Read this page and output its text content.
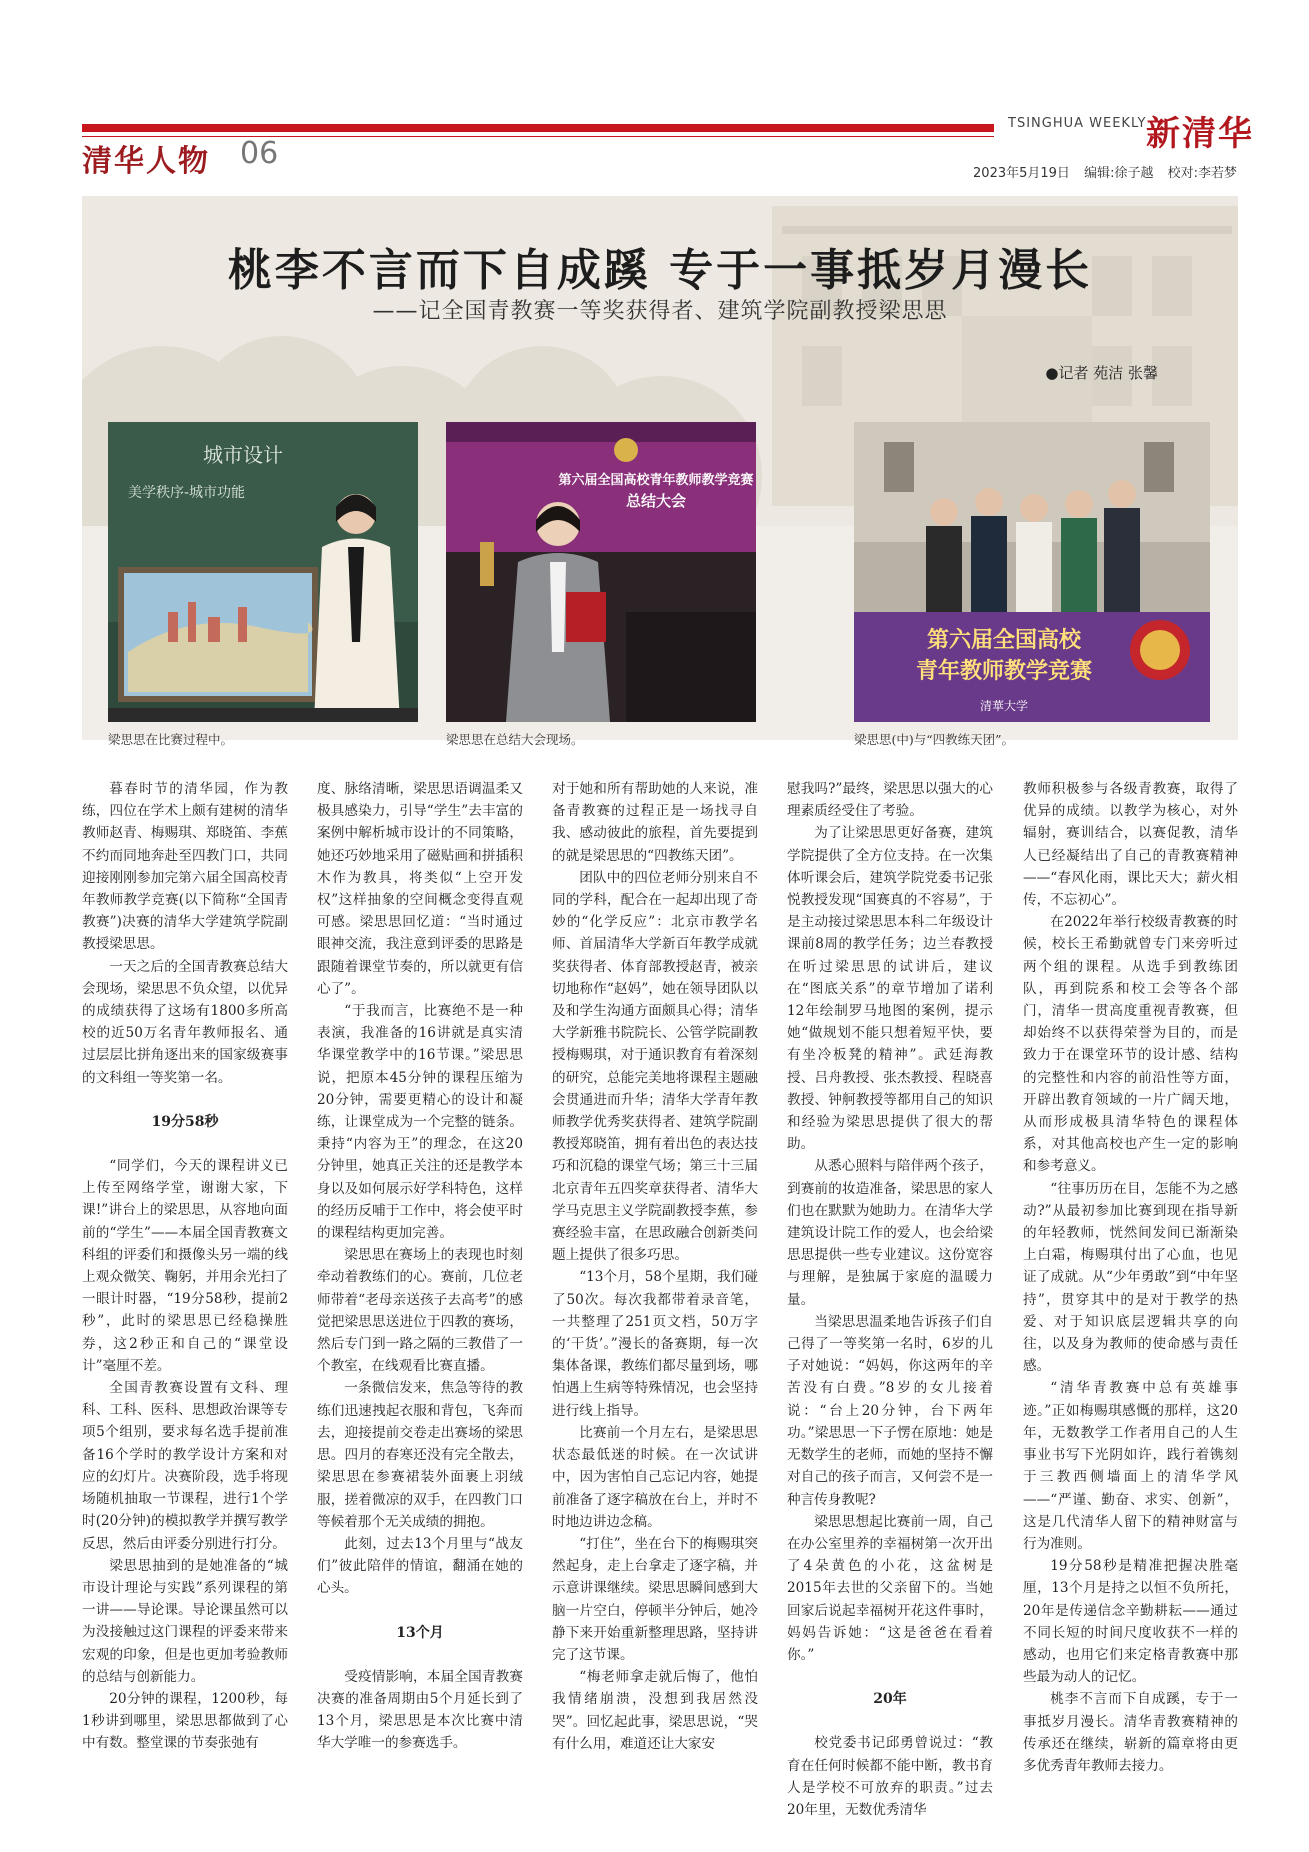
TSINGHUA WEEKLY 新清华
清华人物 06
2023年5月19日 编辑:徐子越 校对:李若梦
桃李不言而下自成蹊 专于一事抵岁月漫长
——记全国青教赛一等奖获得者、建筑学院副教授梁思思
●记者 苑洁 张馨
城市设计
美学秩序-城市功能
第六届全国高校青年教师教学竞赛
总结大会
第六届全国高校
青年教师教学竞赛
清華大学
梁思思在比赛过程中。	梁思思在总结大会现场。	梁思思(中)与“四教练天团”。

暮春时节的清华园，作为教练，四位在学术上颇有建树的清华教师赵青、梅赐琪、郑晓笛、李蕉不约而同地奔赴至四教门口，共同迎接刚刚参加完第六届全国高校青年教师教学竞赛(以下简称“全国青教赛”)决赛的清华大学建筑学院副教授梁思思。

一天之后的全国青教赛总结大会现场，梁思思不负众望，以优异的成绩获得了这场有1800多所高校的近50万名青年教师报名、通过层层比拼角逐出来的国家级赛事的文科组一等奖第一名。

19分58秒

“同学们，今天的课程讲义已上传至网络学堂，谢谢大家，下课!”讲台上的梁思思，从容地向面前的“学生”——本届全国青教赛文科组的评委们和摄像头另一端的线上观众微笑、鞠躬，并用余光扫了一眼计时器，“19分58秒，提前2秒”，此时的梁思思已经稳操胜券，这2秒正和自己的“课堂设计”毫厘不差。

全国青教赛设置有文科、理科、工科、医科、思想政治课等专项5个组别，要求每名选手提前准备16个学时的教学设计方案和对应的幻灯片。决赛阶段，选手将现场随机抽取一节课程，进行1个学时(20分钟)的模拟教学并撰写教学反思，然后由评委分别进行打分。

梁思思抽到的是她准备的“城市设计理论与实践”系列课程的第一讲——导论课。导论课虽然可以为没接触过这门课程的评委来带来宏观的印象，但是也更加考验教师的总结与创新能力。

20分钟的课程，1200秒，每1秒讲到哪里，梁思思都做到了心中有数。整堂课的节奏张弛有

度、脉络清晰，梁思思语调温柔又极具感染力，引导“学生”去丰富的案例中解析城市设计的不同策略，她还巧妙地采用了磁贴画和拼插积木作为教具，将类似“上空开发权”这样抽象的空间概念变得直观可感。梁思思回忆道：“当时通过眼神交流，我注意到评委的思路是跟随着课堂节奏的，所以就更有信心了”。

“于我而言，比赛绝不是一种表演，我准备的16讲就是真实清华课堂教学中的16节课。”梁思思说，把原本45分钟的课程压缩为20分钟，需要更精心的设计和凝练，让课堂成为一个完整的链条。秉持“内容为王”的理念，在这20分钟里，她真正关注的还是教学本身以及如何展示好学科特色，这样的经历反哺于工作中，将会使平时的课程结构更加完善。

梁思思在赛场上的表现也时刻牵动着教练们的心。赛前，几位老师带着“老母亲送孩子去高考”的感觉把梁思思送进位于四教的赛场，然后专门到一路之隔的三教借了一个教室，在线观看比赛直播。

一条微信发来，焦急等待的教练们迅速拽起衣服和背包，飞奔而去，迎接提前交卷走出赛场的梁思思。四月的春寒还没有完全散去，梁思思在参赛裙装外面裹上羽绒服，搓着微凉的双手，在四教门口等候着那个无关成绩的拥抱。

此刻，过去13个月里与“战友们”彼此陪伴的情谊，翻涌在她的心头。

13个月

受疫情影响，本届全国青教赛决赛的准备周期由5个月延长到了13个月，梁思思是本次比赛中清华大学唯一的参赛选手。

对于她和所有帮助她的人来说，准备青教赛的过程正是一场找寻自我、感动彼此的旅程，首先要提到的就是梁思思的“四教练天团”。

团队中的四位老师分别来自不同的学科，配合在一起却出现了奇妙的“化学反应”：北京市教学名师、首届清华大学新百年教学成就奖获得者、体育部教授赵青，被亲切地称作“赵妈”，她在领导团队以及和学生沟通方面颇具心得；清华大学新雅书院院长、公管学院副教授梅赐琪，对于通识教育有着深刻的研究，总能完美地将课程主题融会贯通进而升华；清华大学青年教师教学优秀奖获得者、建筑学院副教授郑晓笛，拥有着出色的表达技巧和沉稳的课堂气场；第三十三届北京青年五四奖章获得者、清华大学马克思主义学院副教授李蕉，参赛经验丰富，在思政融合创新类问题上提供了很多巧思。

“13个月，58个星期，我们碰了50次。每次我都带着录音笔，一共整理了251页文档，50万字的‘干货’。”漫长的备赛期，每一次集体备课，教练们都尽量到场，哪怕遇上生病等特殊情况，也会坚持进行线上指导。

比赛前一个月左右，是梁思思状态最低迷的时候。在一次试讲中，因为害怕自己忘记内容，她提前准备了逐字稿放在台上，并时不时地边讲边念稿。

“打住”，坐在台下的梅赐琪突然起身，走上台拿走了逐字稿，并示意讲课继续。梁思思瞬间感到大脑一片空白，停顿半分钟后，她冷静下来开始重新整理思路，坚持讲完了这节课。

“梅老师拿走就后悔了，他怕我情绪崩溃，没想到我居然没哭”。回忆起此事，梁思思说，“哭有什么用，难道还让大家安

慰我吗?”最终，梁思思以强大的心理素质经受住了考验。

为了让梁思思更好备赛，建筑学院提供了全方位支持。在一次集体听课会后，建筑学院党委书记张悦教授发现“国赛真的不容易”，于是主动接过梁思思本科二年级设计课前8周的教学任务；边兰春教授在听过梁思思的试讲后，建议在“图底关系”的章节增加了诺利12年绘制罗马地图的案例，提示她“做规划不能只想着短平快，要有坐冷板凳的精神”。武廷海教授、吕舟教授、张杰教授、程晓喜教授、钟舸教授等都用自己的知识和经验为梁思思提供了很大的帮助。

从悉心照料与陪伴两个孩子，到赛前的妆造准备，梁思思的家人们也在默默为她助力。在清华大学建筑设计院工作的爱人，也会给梁思思提供一些专业建议。这份宽容与理解，是独属于家庭的温暖力量。

当梁思思温柔地告诉孩子们自己得了一等奖第一名时，6岁的儿子对她说：“妈妈，你这两年的辛苦没有白费。”8岁的女儿接着说：“台上20分钟，台下两年功。”梁思思一下子愣在原地：她是无数学生的老师，而她的坚持不懈对自己的孩子而言，又何尝不是一种言传身教呢?

梁思思想起比赛前一周，自己在办公室里养的幸福树第一次开出了4朵黄色的小花，这盆树是2015年去世的父亲留下的。当她回家后说起幸福树开花这件事时，妈妈告诉她：“这是爸爸在看着你。”

20年

校党委书记邱勇曾说过：“教育在任何时候都不能中断，教书育人是学校不可放弃的职责。”过去20年里，无数优秀清华

教师积极参与各级青教赛，取得了优异的成绩。以教学为核心，对外辐射，赛训结合，以赛促教，清华人已经凝结出了自己的青教赛精神——“春风化雨，课比天大；薪火相传，不忘初心”。

在2022年举行校级青教赛的时候，校长王希勤就曾专门来旁听过两个组的课程。从选手到教练团队，再到院系和校工会等各个部门，清华一贯高度重视青教赛，但却始终不以获得荣誉为目的，而是致力于在课堂环节的设计感、结构的完整性和内容的前沿性等方面，开辟出教育领域的一片广阔天地，从而形成极具清华特色的课程体系，对其他高校也产生一定的影响和参考意义。

“往事历历在目，怎能不为之感动?”从最初参加比赛到现在指导新的年轻教师，恍然间发间已渐渐染上白霜，梅赐琪付出了心血，也见证了成就。从“少年勇敢”到“中年坚持”，贯穿其中的是对于教学的热爱、对于知识底层逻辑共享的向往，以及身为教师的使命感与责任感。

“清华青教赛中总有英雄事迹。”正如梅赐琪感慨的那样，这20年，无数教学工作者用自己的人生事业书写下光阴如许，践行着镌刻于三教西侧墙面上的清华学风——“严谨、勤奋、求实、创新”，这是几代清华人留下的精神财富与行为准则。

19分58秒是精准把握决胜毫厘，13个月是持之以恒不负所托，20年是传递信念辛勤耕耘——通过不同长短的时间尺度收获不一样的感动，也用它们来定格青教赛中那些最为动人的记忆。

桃李不言而下自成蹊，专于一事抵岁月漫长。清华青教赛精神的传承还在继续，崭新的篇章将由更多优秀青年教师去接力。
